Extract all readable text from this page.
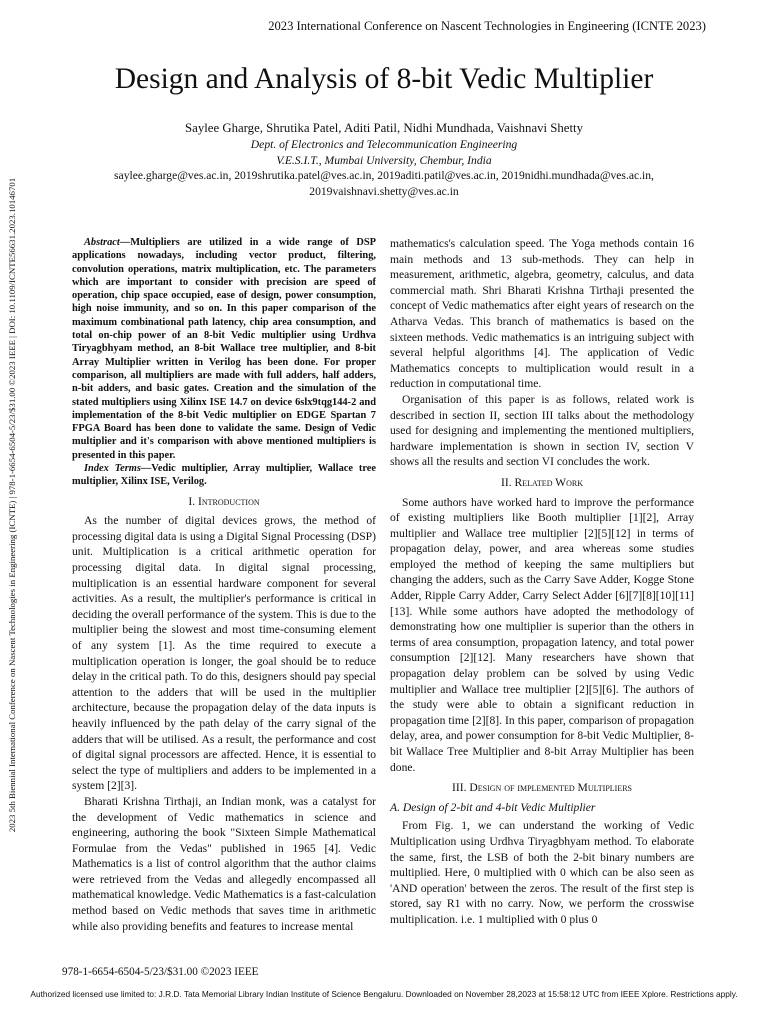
2023 International Conference on Nascent Technologies in Engineering (ICNTE 2023)
Design and Analysis of 8-bit Vedic Multiplier
Saylee Gharge, Shrutika Patel, Aditi Patil, Nidhi Mundhada, Vaishnavi Shetty
Dept. of Electronics and Telecommunication Engineering
V.E.S.I.T., Mumbai University, Chembur, India
saylee.gharge@ves.ac.in, 2019shrutika.patel@ves.ac.in, 2019aditi.patil@ves.ac.in, 2019nidhi.mundhada@ves.ac.in,
2019vaishnavi.shetty@ves.ac.in
2023 5th Biennial International Conference on Nascent Technologies in Engineering (ICNTE) | 978-1-6654-6504-5/23/$31.00 ©2023 IEEE | DOI: 10.1109/ICNTE56631.2023.10146701	Abstract—Multipliers are utilized in a wide range of DSP applications nowadays, including vector product, filtering, convolution operations, matrix multiplication, etc. The parameters which are important to consider with precision are speed of operation, chip space occupied, ease of design, power consumption, high noise immunity, and so on. In this paper comparison of the maximum combinational path latency, chip area consumption, and total on-chip power of an 8-bit Vedic multiplier using Urdhva Tiryagbhyam method, an 8-bit Wallace tree multiplier, and 8-bit Array Multiplier written in Verilog has been done. For proper comparison, all multipliers are made with full adders, half adders, n-bit adders, and basic gates. Creation and the simulation of the stated multipliers using Xilinx ISE 14.7 on device 6slx9tqg144-2 and implementation of the 8-bit Vedic multiplier on EDGE Spartan 7 FPGA Board has been done to validate the same. Design of Vedic multiplier and it's comparison with above mentioned multipliers is presented in this paper.

Index Terms—Vedic multiplier, Array multiplier, Wallace tree multiplier, Xilinx ISE, Verilog.

I. Introduction

As the number of digital devices grows, the method of processing digital data is using a Digital Signal Processing (DSP) unit. Multiplication is a critical arithmetic operation for processing digital data. In digital signal processing, multiplication is an essential hardware component for several activities. As a result, the multiplier's performance is critical in deciding the overall performance of the system. This is due to the multiplier being the slowest and most time-consuming element of any system [1]. As the time required to execute a multiplication operation is longer, the goal should be to reduce delay in the critical path. To do this, designers should pay special attention to the adders that will be used in the multiplier architecture, because the propagation delay of the data inputs is heavily influenced by the path delay of the carry signal of the adders that will be utilised. As a result, the performance and cost of digital signal processors are affected. Hence, it is essential to select the type of multipliers and adders to be implemented in a system [2][3].

Bharati Krishna Tirthaji, an Indian monk, was a catalyst for the development of Vedic mathematics in science and engineering, authoring the book "Sixteen Simple Mathematical Formulae from the Vedas" published in 1965 [4]. Vedic Mathematics is a list of control algorithm that the author claims were retrieved from the Vedas and allegedly encompassed all mathematical knowledge. Vedic Mathematics is a fast-calculation method based on Vedic methods that saves time in arithmetic while also providing benefits and features to increase mental

mathematics's calculation speed. The Yoga methods contain 16 main methods and 13 sub-methods. They can help in measurement, arithmetic, algebra, geometry, calculus, and data commercial math. Shri Bharati Krishna Tirthaji presented the concept of Vedic mathematics after eight years of research on the Atharva Vedas. This branch of mathematics is based on the sixteen methods. Vedic mathematics is an intriguing subject with several helpful algorithms [4]. The application of Vedic Mathematics concepts to multiplication would result in a reduction in computational time.

Organisation of this paper is as follows, related work is described in section II, section III talks about the methodology used for designing and implementing the mentioned multipliers, hardware implementation is shown in section IV, section V shows all the results and section VI concludes the work.

II. Related Work

Some authors have worked hard to improve the performance of existing multipliers like Booth multiplier [1][2], Array multiplier and Wallace tree multiplier [2][5][12] in terms of propagation delay, power, and area whereas some studies employed the method of keeping the same multipliers but changing the adders, such as the Carry Save Adder, Kogge Stone Adder, Ripple Carry Adder, Carry Select Adder [6][7][8][10][11][13]. While some authors have adopted the methodology of demonstrating how one multiplier is superior than the others in terms of area consumption, propagation latency, and total power consumption [2][12]. Many researchers have shown that propagation delay problem can be solved by using Vedic multiplier and Wallace tree multiplier [2][5][6]. The authors of the study were able to obtain a significant reduction in propagation time [2][8]. In this paper, comparison of propagation delay, area, and power consumption for 8-bit Vedic Multiplier, 8-bit Wallace Tree Multiplier and 8-bit Array Multiplier has been done.

III. Design of implemented Multipliers
A. Design of 2-bit and 4-bit Vedic Multiplier

From Fig. 1, we can understand the working of Vedic Multiplication using Urdhva Tiryagbhyam method. To elaborate the same, first, the LSB of both the 2-bit binary numbers are multiplied. Here, 0 multiplied with 0 which can be also seen as 'AND operation' between the zeros. The result of the first step is stored, say R1 with no carry. Now, we perform the crosswise multiplication. i.e. 1 multiplied with 0 plus 0

978-1-6654-6504-5/23/$31.00 ©2023 IEEE
Authorized licensed use limited to: J.R.D. Tata Memorial Library Indian Institute of Science Bengaluru. Downloaded on November 28,2023 at 15:58:12 UTC from IEEE Xplore. Restrictions apply.
